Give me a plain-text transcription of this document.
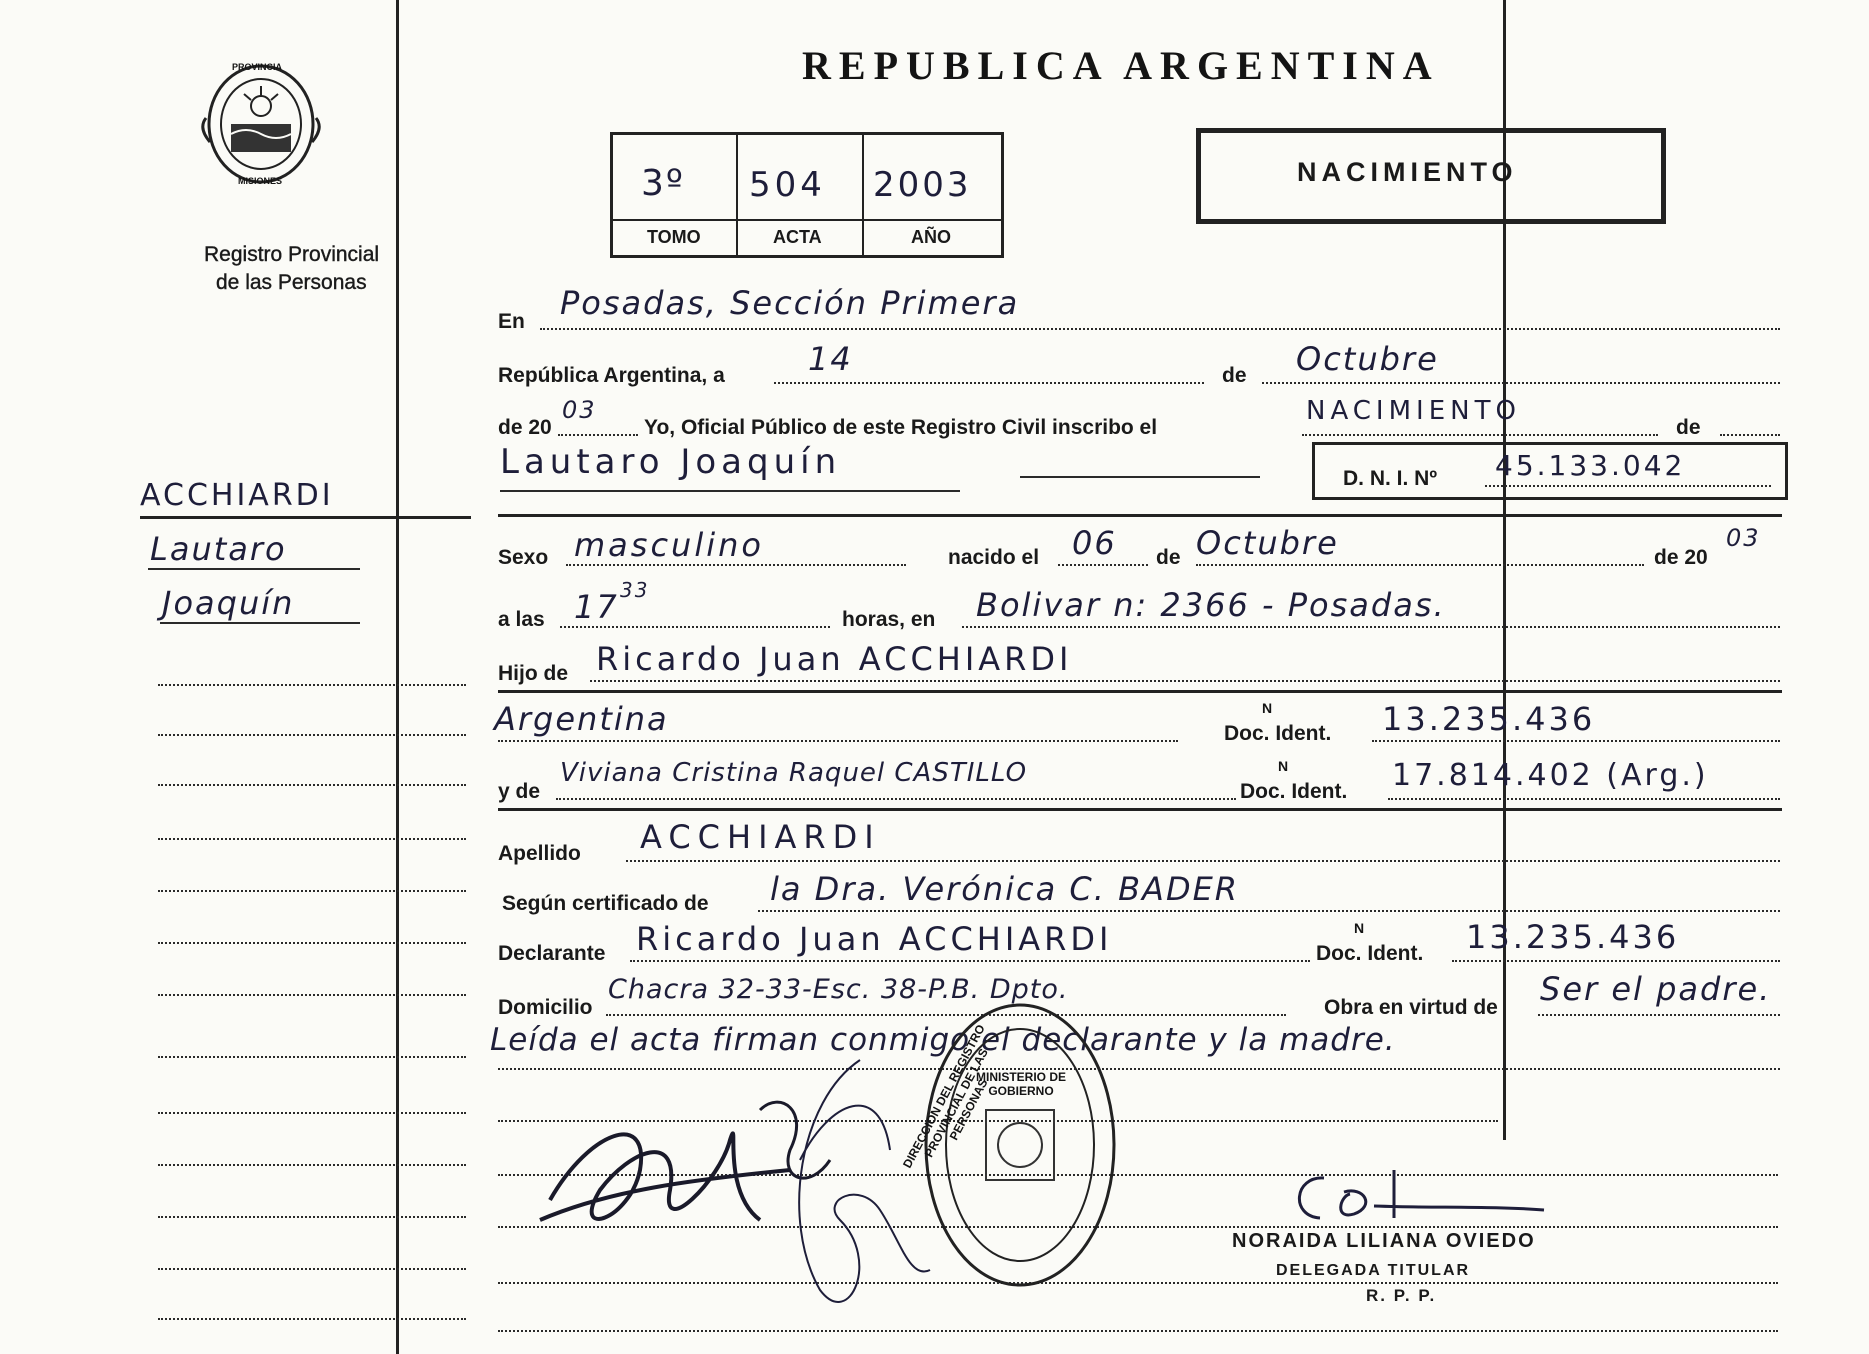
PROVINCIA
MISIONES
Registro Provincial
de las Personas
ACCHIARDI
Lautaro
Joaquín
REPUBLICA ARGENTINA
3º 504 2003
TOMO	ACTA	AÑO
NACIMIENTO
En Posadas, Sección Primera
República Argentina, a	14	de Octubre
de 20
03
Yo, Oficial Público de este Registro Civil inscribo el
NACIMIENTO
de
Lautaro Joaquín	D. N. I. Nº 45.133.042
Sexo masculino	nacido el 06 de Octubre	de 20
03
a las 17 33
horas, en Bolivar n: 2366 - Posadas.
Hijo de Ricardo Juan ACCHIARDI
Argentina	Doc. Ident.
N	13.235.436
y de
Viviana Cristina Raquel CASTILLO
Doc. Ident.
N	17.814.402 (Arg.)
Apellido ACCHIARDI
Según certificado de la Dra. Verónica C. BADER
Declarante Ricardo Juan ACCHIARDI	Doc. Ident.
N	13.235.436
Domicilio
Chacra 32-33-Esc. 38-P.B. Dpto.
Obra en virtud de Ser el padre.
Leída el acta firman conmigo el declarante y la madre.
DIRECCION DEL REGISTRO PROVINCIAL DE LAS PERSONAS
MINISTERIO DE GOBIERNO
NORAIDA LILIANA OVIEDO
DELEGADA TITULAR
R. P. P.
